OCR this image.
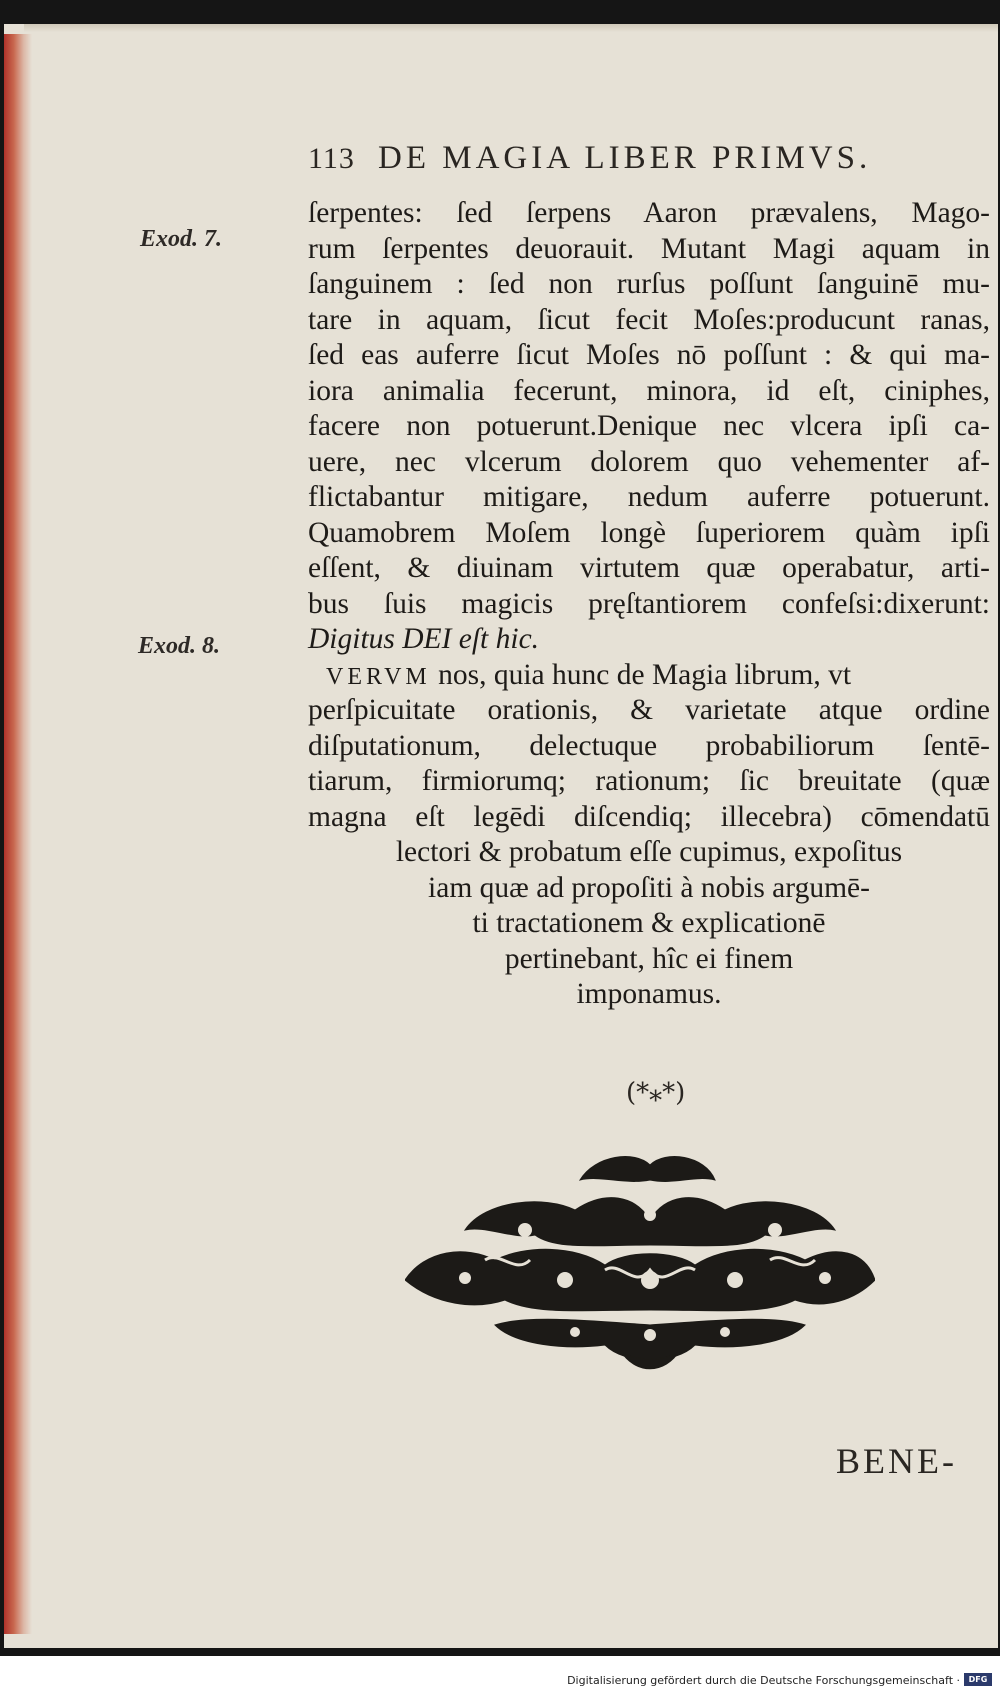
113 DE MAGIA LIBER PRIMVS.
Exod. 7.
Exod. 8.
ſerpentes: ſed ſerpens Aaron prævalens, Mago-
rum ſerpentes deuorauit. Mutant Magi aquam in
ſanguinem : ſed non rurſus poſſunt ſanguinē mu-
tare in aquam, ſicut fecit Moſes:producunt ranas,
ſed eas auferre ſicut Moſes nō poſſunt : & qui ma-
iora animalia fecerunt, minora, id eſt, ciniphes,
facere non potuerunt.Denique nec vlcera ipſi ca-
uere, nec vlcerum dolorem quo vehementer af-
flictabantur mitigare, nedum auferre potuerunt.
Quamobrem Moſem longè ſuperiorem quàm ipſi
eſſent, & diuinam virtutem quæ operabatur, arti-
bus ſuis magicis pręſtantiorem confeſsi:dixerunt:
Digitus DEI eſt hic.
VERVM nos, quia hunc de Magia librum, vt
perſpicuitate orationis, & varietate atque ordine
diſputationum, delectuque probabiliorum ſentē-
tiarum, firmiorumq; rationum; ſic breuitate (quæ
magna eſt legēdi diſcendiq; illecebra) cōmendatū
lectori & probatum eſſe cupimus, expoſitus
iam quæ ad propoſiti à nobis argumē-
ti tractationem & explicationē
pertinebant, hîc ei finem
imponamus.
(*⁎*)
BENE-
Digitalisierung gefördert durch die Deutsche Forschungsgemeinschaft ·	DFG
